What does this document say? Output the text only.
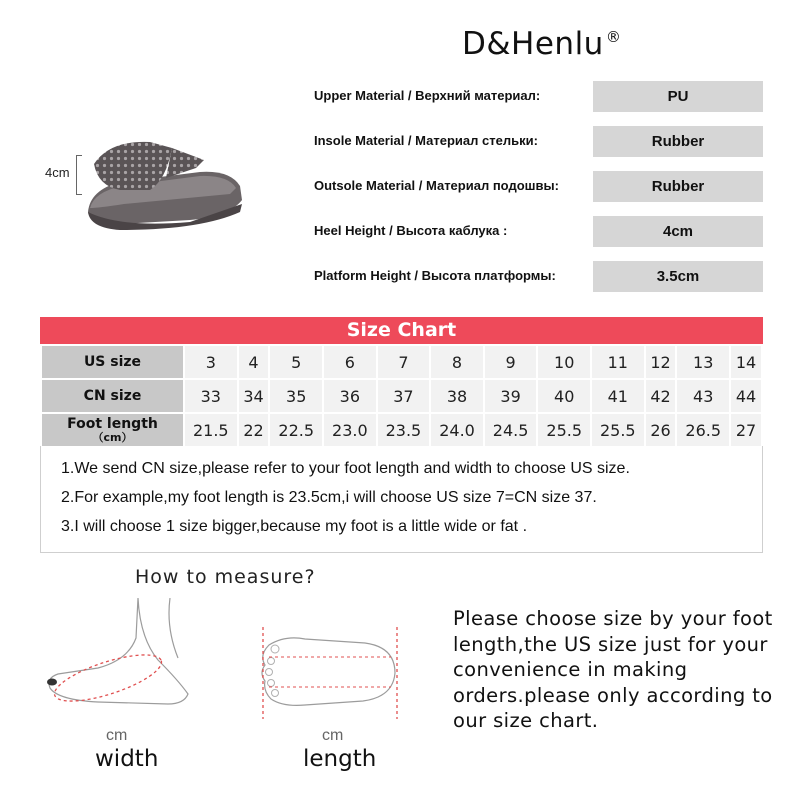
D&Henlu ®
4cm
Upper Material / Верхний материал:	PU
Insole Material / Материал стельки:	Rubber
Outsole Material / Материал подошвы:	Rubber
Heel Height / Высота каблука :	4cm
Platform Height / Высота платформы:	3.5cm
Size Chart
US size	3	4	5	6	7	8	9	10	11	12	13	14

CN size	33	34	35	36	37	38	39	40	41	42	43	44

Foot length
（cm）	21.5	22	22.5	23.0	23.5	24.0	24.5	25.5	25.5	26	26.5	27
1.We send CN size,please refer to your foot length and width to choose US size.
2.For example,my foot length is 23.5cm,i will choose US size 7=CN size 37.
3.I will choose 1 size bigger,because my foot is a little wide or fat .
How to measure?
cm
width
cm
length
Please choose size by your foot length,the US size just for your convenience in making orders.please only according to our size chart.
